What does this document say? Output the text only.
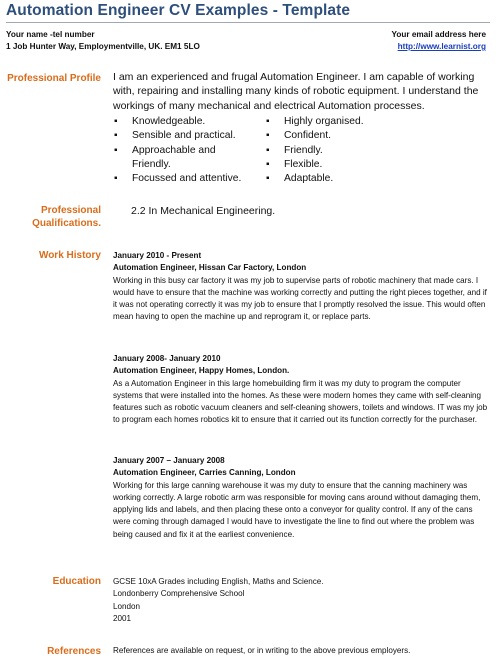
Automation Engineer CV Examples - Template
Your name -tel number
1 Job Hunter Way, Employmentville, UK. EM1 5LO
Your email address here
http://www.learnist.org
Professional Profile I am an experienced and frugal Automation Engineer. I am capable of working with, repairing and installing many kinds of robotic equipment. I understand the workings of many mechanical and electrical Automation processes.
▪ Knowledgeable.
▪ Sensible and practical.
▪ Approachable and Friendly.
▪ Focussed and attentive.
▪ Highly organised.
▪ Confident.
▪ Friendly.
▪ Flexible.
▪ Adaptable.
Professional
Qualifications.
2.2 In Mechanical Engineering.
Work History January 2010 - Present

Automation Engineer, Hissan Car Factory, London

Working in this busy car factory it was my job to supervise parts of robotic machinery that made cars. I would have to ensure that the machine was working correctly and putting the right pieces together, and if it was not operating correctly it was my job to ensure that I promptly resolved the issue. This would often mean having to open the machine up and reprogram it, or replace parts.

January 2008- January 2010

Automation Engineer, Happy Homes, London.

As a Automation Engineer in this large homebuilding firm it was my duty to program the computer systems that were installed into the homes. As these were modern homes they came with self-cleaning features such as robotic vacuum cleaners and self-cleaning showers, toilets and windows. IT was my job to program each homes robotics kit to ensure that it carried out its function correctly for the purchaser.

January 2007 – January 2008

Automation Engineer, Carries Canning, London

Working for this large canning warehouse it was my duty to ensure that the canning machinery was working correctly. A large robotic arm was responsible for moving cans around without damaging them, applying lids and labels, and then placing these onto a conveyor for quality control. If any of the cans were coming through damaged I would have to investigate the line to find out where the problem was being caused and fix it at the earliest convenience.

Education GCSE 10xA Grades including English, Maths and Science.

Londonberry Comprehensive School

London

2001

References References are available on request, or in writing to the above previous employers.
